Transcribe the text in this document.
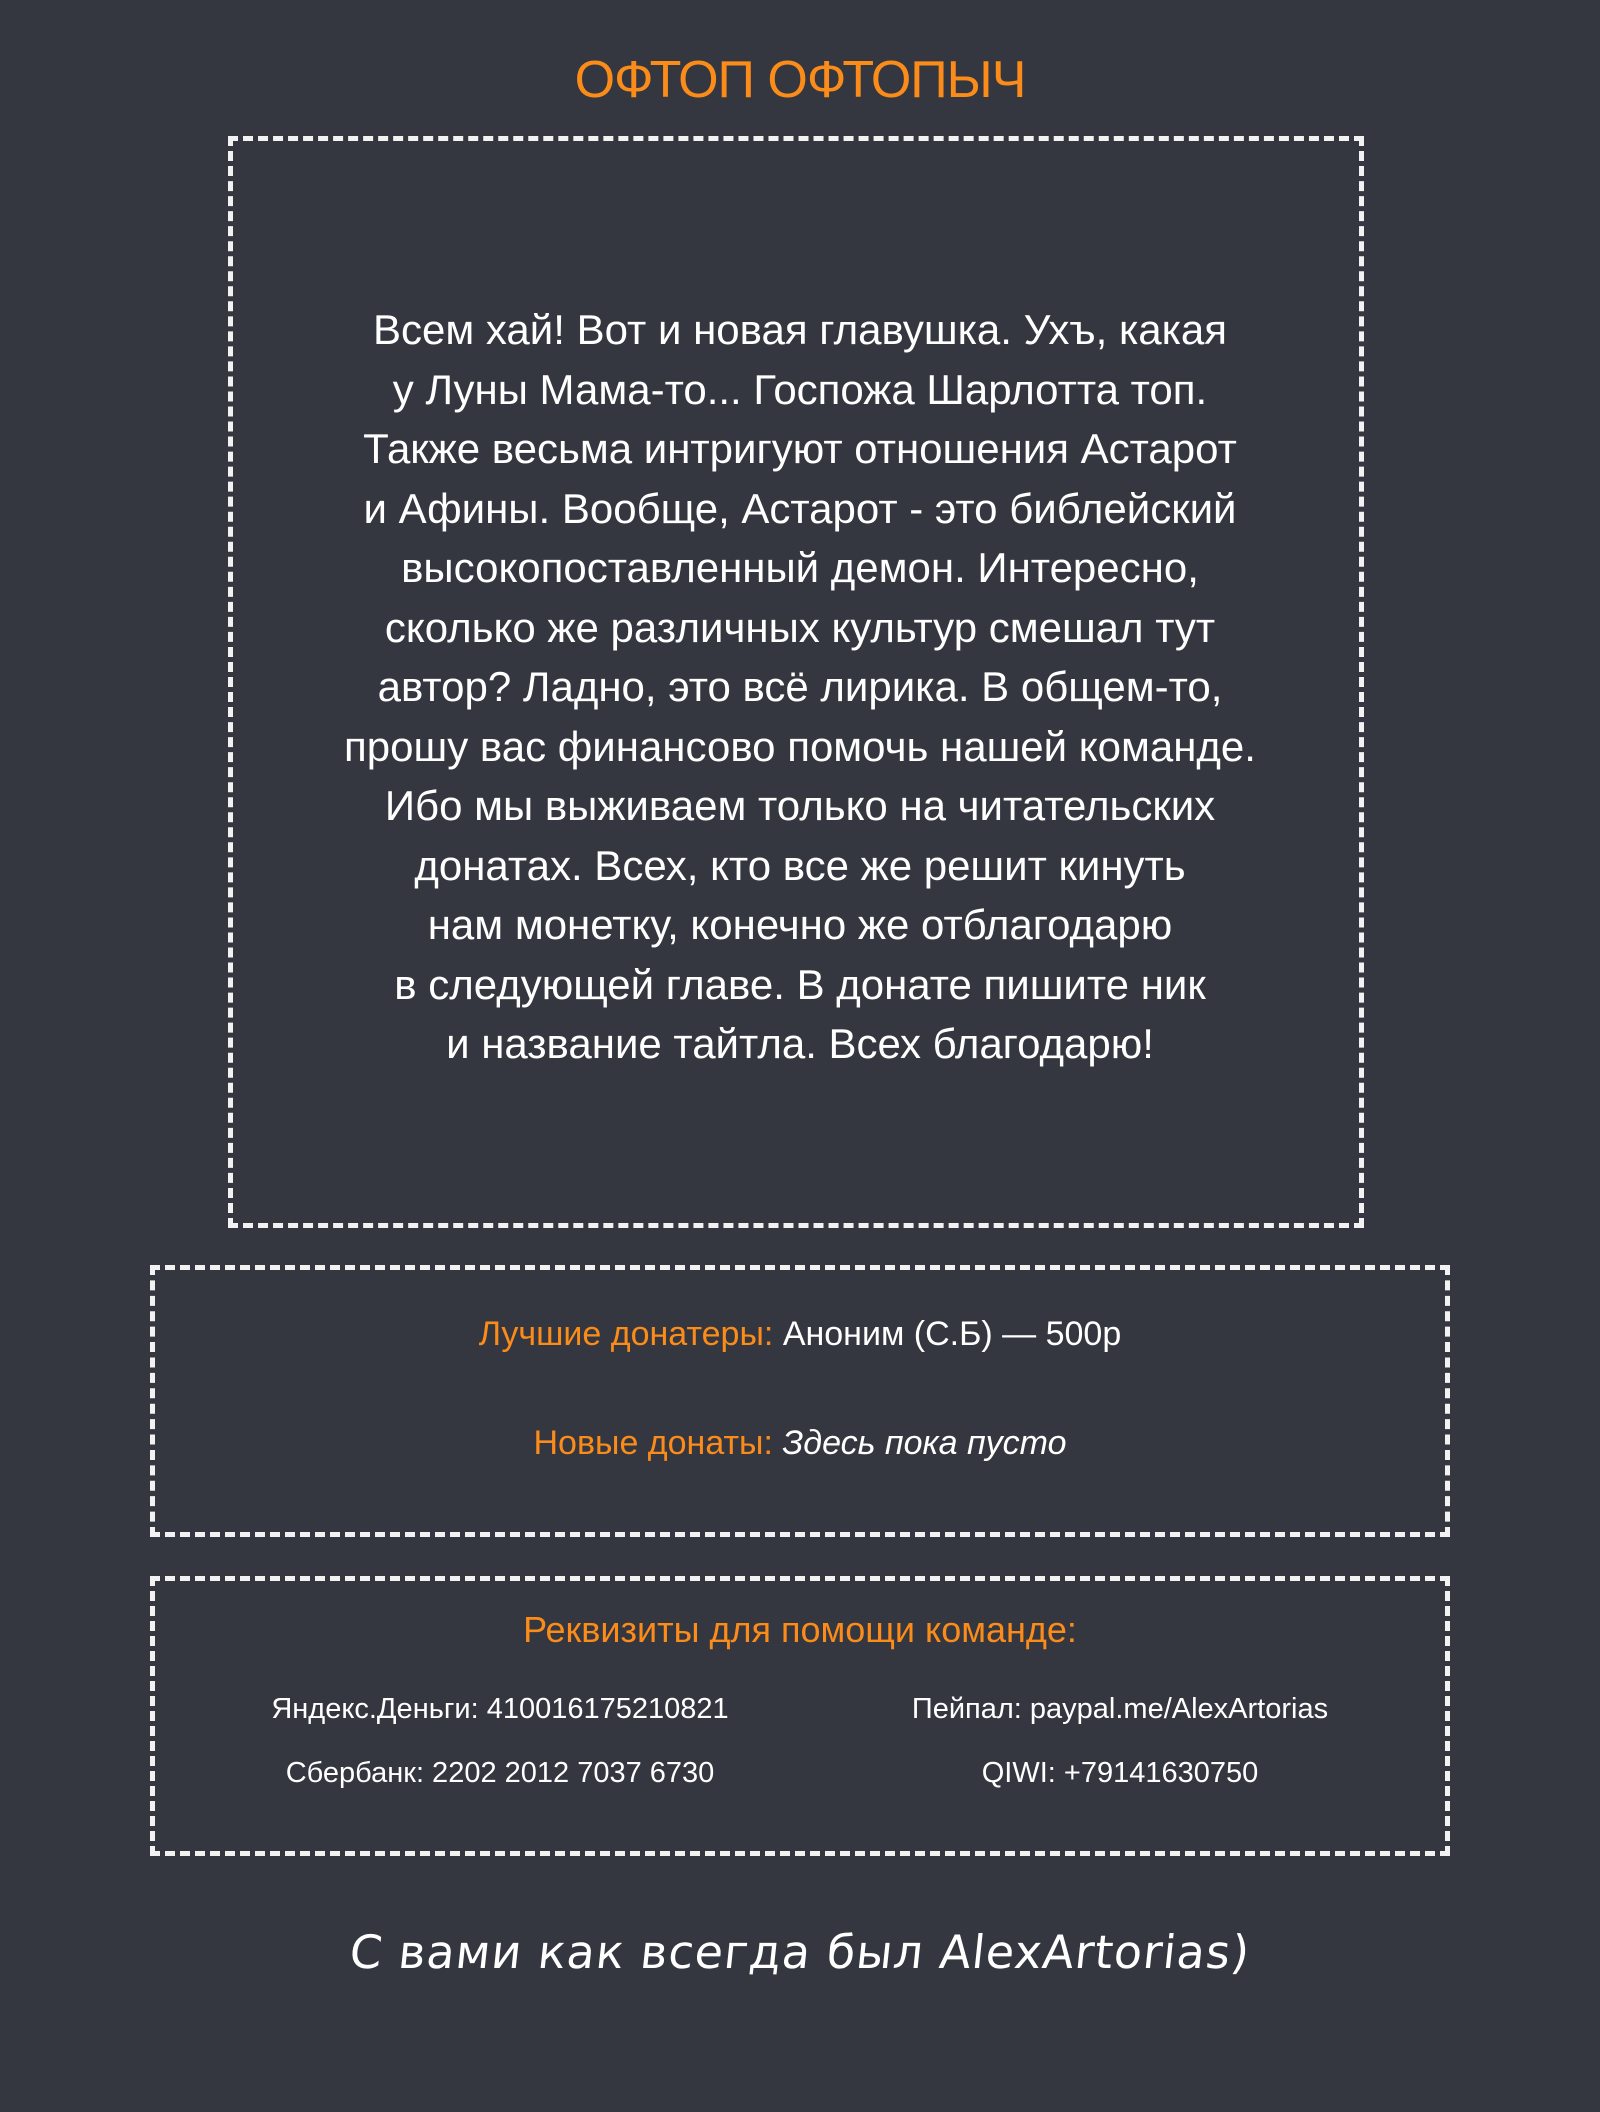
ОФТОП ОФТОПЫЧ
Всем хай! Вот и новая главушка. Ухъ, какая
у Луны Мама-то... Госпожа Шарлотта топ.
Также весьма интригуют отношения Астарот
и Афины. Вообще, Астарот - это библейский
высокопоставленный демон. Интересно,
сколько же различных культур смешал тут
автор? Ладно, это всё лирика. В общем-то,
прошу вас финансово помочь нашей команде.
Ибо мы выживаем только на читательских
донатах. Всех, кто все же решит кинуть
нам монетку, конечно же отблагодарю
в следующей главе. В донате пишите ник
и название тайтла. Всех благодарю!
Лучшие донатеры: Аноним (С.Б) — 500р
Новые донаты: Здесь пока пусто
Реквизиты для помощи команде:
Яндекс.Деньги: 410016175210821	Пейпал: paypal.me/AlexArtorias
Сбербанк: 2202 2012 7037 6730	QIWI: +79141630750
С вами как всегда был AlexArtorias)
